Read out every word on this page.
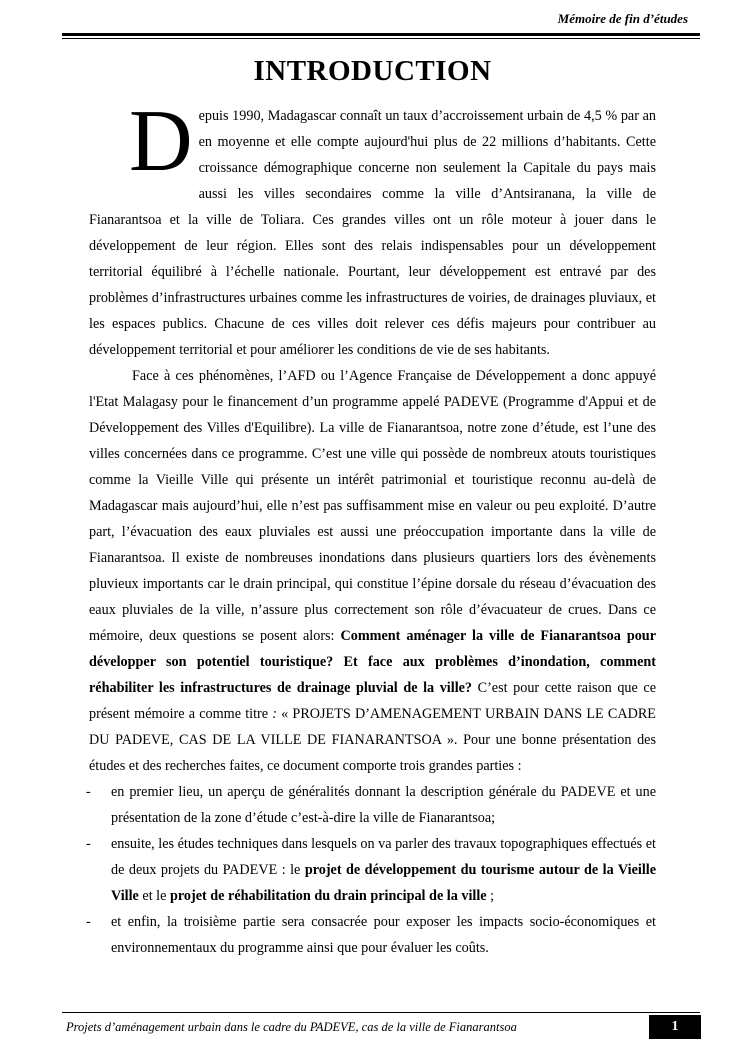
Mémoire de fin d’études
INTRODUCTION

Depuis 1990, Madagascar connaît un taux d’accroissement urbain de 4,5 % par an en moyenne et elle compte aujourd'hui plus de 22 millions d’habitants. Cette croissance démographique concerne non seulement la Capitale du pays mais aussi les villes secondaires comme la ville d’Antsiranana, la ville de Fianarantsoa et la ville de Toliara. Ces grandes villes ont un rôle moteur à jouer dans le développement de leur région. Elles sont des relais indispensables pour un développement territorial équilibré à l’échelle nationale. Pourtant, leur développement est entravé par des problèmes d’infrastructures urbaines comme les infrastructures de voiries, de drainages pluviaux, et les espaces publics. Chacune de ces villes doit relever ces défis majeurs pour contribuer au développement territorial et pour améliorer les conditions de vie de ses habitants.

Face à ces phénomènes, l’AFD ou l’Agence Française de Développement a donc appuyé l'Etat Malagasy pour le financement d’un programme appelé PADEVE (Programme d'Appui et de Développement des Villes d'Equilibre). La ville de Fianarantsoa, notre zone d’étude, est l’une des villes concernées dans ce programme. C’est une ville qui possède de nombreux atouts touristiques comme la Vieille Ville qui présente un intérêt patrimonial et touristique reconnu au-delà de Madagascar mais aujourd’hui, elle n’est pas suffisamment mise en valeur ou peu exploité. D’autre part, l’évacuation des eaux pluviales est aussi une préoccupation importante dans la ville de Fianarantsoa. Il existe de nombreuses inondations dans plusieurs quartiers lors des évènements pluvieux importants car le drain principal, qui constitue l’épine dorsale du réseau d’évacuation des eaux pluviales de la ville, n’assure plus correctement son rôle d’évacuateur de crues. Dans ce mémoire, deux questions se posent alors: Comment aménager la ville de Fianarantsoa pour développer son potentiel touristique? Et face aux problèmes d’inondation, comment réhabiliter les infrastructures de drainage pluvial de la ville? C’est pour cette raison que ce présent mémoire a comme titre : « PROJETS D’AMENAGEMENT URBAIN DANS LE CADRE DU PADEVE, CAS DE LA VILLE DE FIANARANTSOA ». Pour une bonne présentation des études et des recherches faites, ce document comporte trois grandes parties :

- en premier lieu, un aperçu de généralités donnant la description générale du PADEVE et une présentation de la zone d’étude c’est-à-dire la ville de Fianarantsoa;
- ensuite, les études techniques dans lesquels on va parler des travaux topographiques effectués et de deux projets du PADEVE : le projet de développement du tourisme autour de la Vieille Ville et le projet de réhabilitation du drain principal de la ville ;
- et enfin, la troisième partie sera consacrée pour exposer les impacts socio-économiques et environnementaux du programme ainsi que pour évaluer les coûts.
Projets d’aménagement urbain dans le cadre du PADEVE, cas de la ville de Fianarantsoa	1
